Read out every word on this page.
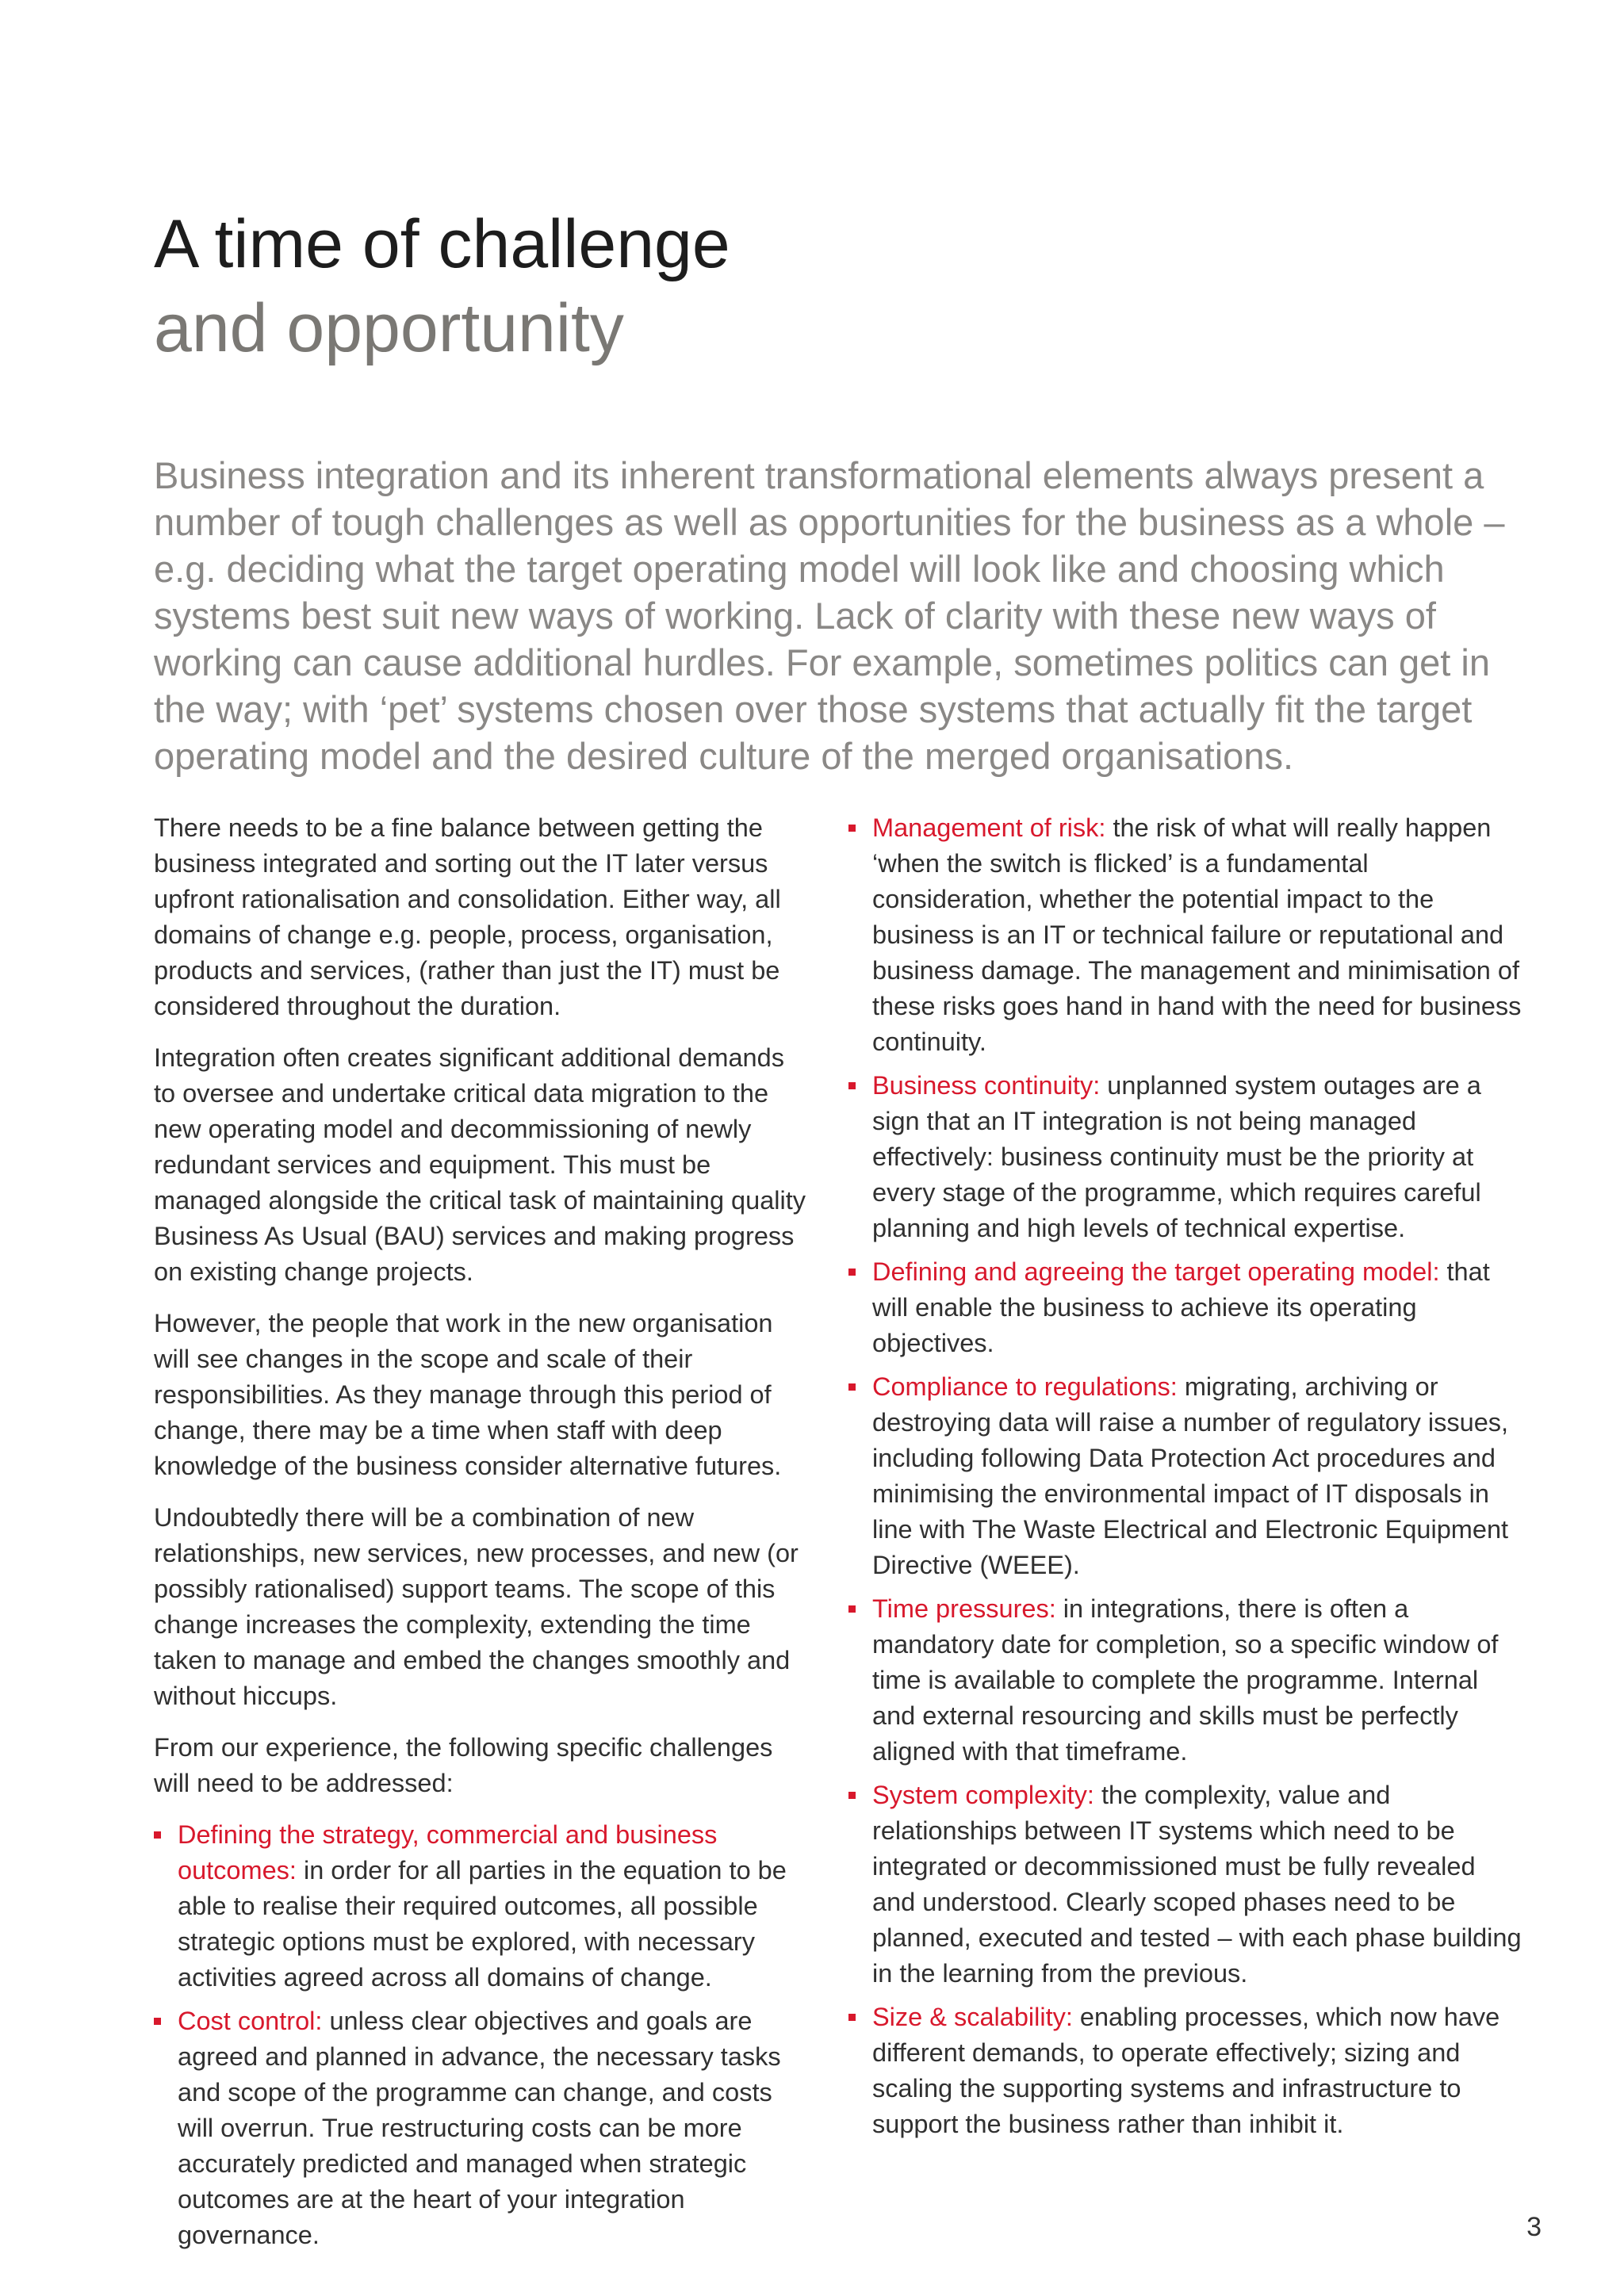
A time of challenge
and opportunity

Business integration and its inherent transformational elements always present a number of tough challenges as well as opportunities for the business as a whole – e.g. deciding what the target operating model will look like and choosing which systems best suit new ways of working. Lack of clarity with these new ways of working can cause additional hurdles. For example, sometimes politics can get in the way; with ‘pet’ systems chosen over those systems that actually fit the target operating model and the desired culture of the merged organisations.

There needs to be a fine balance between getting the business integrated and sorting out the IT later versus upfront rationalisation and consolidation. Either way, all domains of change e.g. people, process, organisation, products and services, (rather than just the IT) must be considered throughout the duration.

Integration often creates significant additional demands to oversee and undertake critical data migration to the new operating model and decommissioning of newly redundant services and equipment. This must be managed alongside the critical task of maintaining quality Business As Usual (BAU) services and making progress on existing change projects.

However, the people that work in the new organisation will see changes in the scope and scale of their responsibilities. As they manage through this period of change, there may be a time when staff with deep knowledge of the business consider alternative futures.

Undoubtedly there will be a combination of new relationships, new services, new processes, and new (or possibly rationalised) support teams. The scope of this change increases the complexity, extending the time taken to manage and embed the changes smoothly and without hiccups.

From our experience, the following specific challenges will need to be addressed:

Defining the strategy, commercial and business outcomes: in order for all parties in the equation to be able to realise their required outcomes, all possible strategic options must be explored, with necessary activities agreed across all domains of change.
Cost control: unless clear objectives and goals are agreed and planned in advance, the necessary tasks and scope of the programme can change, and costs will overrun. True restructuring costs can be more accurately predicted and managed when strategic outcomes are at the heart of your integration governance.
Management of risk: the risk of what will really happen ‘when the switch is flicked’ is a fundamental consideration, whether the potential impact to the business is an IT or technical failure or reputational and business damage. The management and minimisation of these risks goes hand in hand with the need for business continuity.
Business continuity: unplanned system outages are a sign that an IT integration is not being managed effectively: business continuity must be the priority at every stage of the programme, which requires careful planning and high levels of technical expertise.
Defining and agreeing the target operating model: that will enable the business to achieve its operating objectives.
Compliance to regulations: migrating, archiving or destroying data will raise a number of regulatory issues, including following Data Protection Act procedures and minimising the environmental impact of IT disposals in line with The Waste Electrical and Electronic Equipment Directive (WEEE).
Time pressures: in integrations, there is often a mandatory date for completion, so a specific window of time is available to complete the programme. Internal and external resourcing and skills must be perfectly aligned with that timeframe.
System complexity: the complexity, value and relationships between IT systems which need to be integrated or decommissioned must be fully revealed and understood. Clearly scoped phases need to be planned, executed and tested – with each phase building in the learning from the previous.
Size & scalability: enabling processes, which now have different demands, to operate effectively; sizing and scaling the supporting systems and infrastructure to support the business rather than inhibit it.
3
